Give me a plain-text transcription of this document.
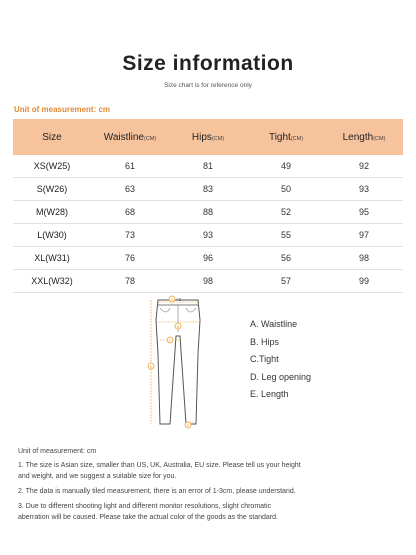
Size information
Size chart is for reference only
Unit of measurement: cm
Size	Waistline(CM)	Hips(CM)	Tight(CM)	Length(CM)
XS(W25)	61	81	49	92
S(W26)	63	83	50	93
M(W28)	68	88	52	95
L(W30)	73	93	55	97
XL(W31)	76	96	56	98
XXL(W32)	78	98	57	99
A ×2
B
C
D
E
A. Waistline
B. Hips
C.Tight
D. Leg opening
E. Length
Unit of measurement: cm
1. The size is Asian size, smaller than US, UK, Australia, EU size. Please tell us your height
and weight, and we suggest a suitable size for you.
2. The data is manually tiled measurement, there is an error of 1-3cm, please understand.
3. Due to different shooting light and different monitor resolutions, slight chromatic
aberration will be caused. Please take the actual color of the goods as the standard.
